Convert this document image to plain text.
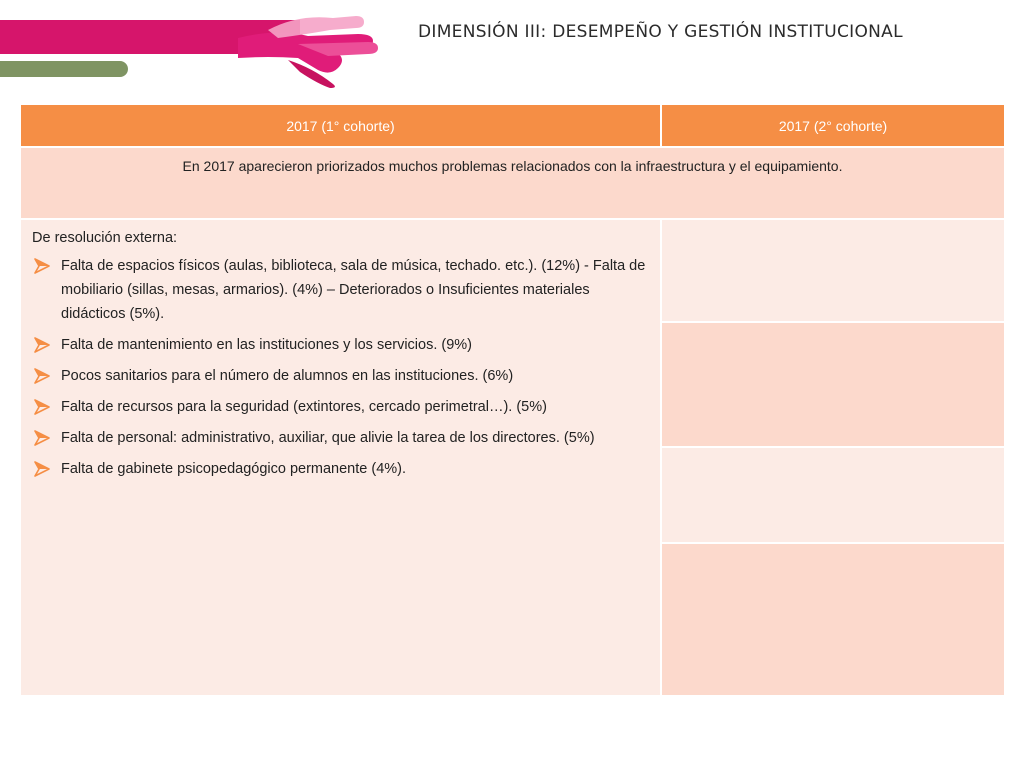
DIMENSIÓN III: DESEMPEÑO Y GESTIÓN INSTITUCIONAL
2017 (1° cohorte)	2017 (2° cohorte)
En 2017 aparecieron priorizados muchos problemas relacionados con la infraestructura y el equipamiento.

De resolución externa:

Falta de espacios físicos (aulas, biblioteca, sala de música, techado. etc.). (12%) - Falta de mobiliario (sillas, mesas, armarios). (4%) – Deteriorados o Insuficientes materiales didácticos (5%).
Falta de mantenimiento en las instituciones y los servicios. (9%)
Pocos sanitarios para el número de alumnos en las instituciones. (6%)
Falta de recursos para la seguridad (extintores, cercado perimetral…). (5%)
Falta de personal: administrativo, auxiliar, que alivie la tarea de los directores. (5%)
Falta de gabinete psicopedagógico permanente (4%).
